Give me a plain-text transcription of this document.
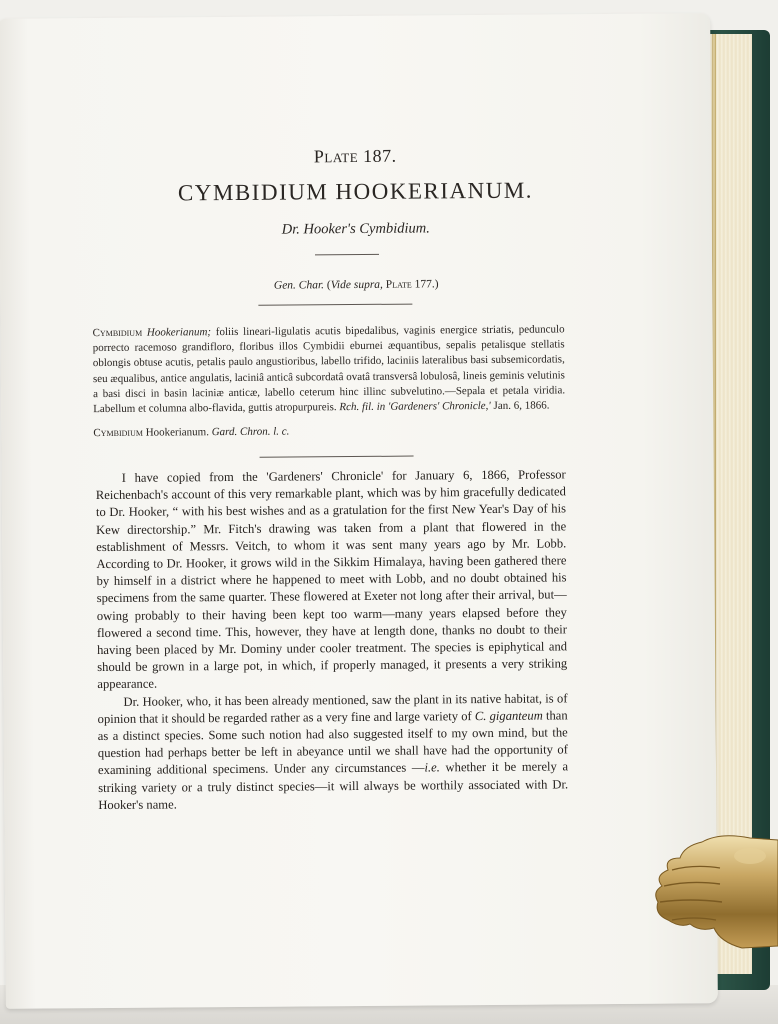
Plate 187.
CYMBIDIUM HOOKERIANUM.
Dr. Hooker's Cymbidium.
Gen. Char. (Vide supra, Plate 177.)
Cymbidium Hookerianum; foliis lineari-ligulatis acutis bipedalibus, vaginis energice striatis, pedunculo porrecto racemoso grandifloro, floribus illos Cymbidii eburnei æquantibus, sepalis petalisque stellatis oblongis obtuse acutis, petalis paulo angustioribus, labello trifido, laciniis lateralibus basi subsemicordatis, seu æqualibus, antice angulatis, laciniâ anticâ subcordatâ ovatâ transversâ lobulosâ, lineis geminis velutinis a basi disci in basin laciniæ anticæ, labello ceterum hinc illinc subvelutino.—Sepala et petala viridia. Labellum et columna albo-flavida, guttis atropurpureis. Rch. fil. in 'Gardeners' Chronicle,' Jan. 6, 1866.
Cymbidium Hookerianum. Gard. Chron. l. c.

I have copied from the 'Gardeners' Chronicle' for January 6, 1866, Professor Reichenbach's account of this very remarkable plant, which was by him gracefully dedicated to Dr. Hooker, “ with his best wishes and as a gratulation for the first New Year's Day of his Kew directorship.” Mr. Fitch's drawing was taken from a plant that flowered in the establishment of Messrs. Veitch, to whom it was sent many years ago by Mr. Lobb. According to Dr. Hooker, it grows wild in the Sikkim Himalaya, having been gathered there by himself in a district where he happened to meet with Lobb, and no doubt obtained his specimens from the same quarter. These flowered at Exeter not long after their arrival, but—owing probably to their having been kept too warm—many years elapsed before they flowered a second time. This, however, they have at length done, thanks no doubt to their having been placed by Mr. Dominy under cooler treatment. The species is epiphytical and should be grown in a large pot, in which, if properly managed, it presents a very striking appearance.

Dr. Hooker, who, it has been already mentioned, saw the plant in its native habitat, is of opinion that it should be regarded rather as a very fine and large variety of C. giganteum than as a distinct species. Some such notion had also suggested itself to my own mind, but the question had perhaps better be left in abeyance until we shall have had the opportunity of examining additional specimens. Under any circumstances —i.e. whether it be merely a striking variety or a truly distinct species—it will always be worthily associated with Dr. Hooker's name.
